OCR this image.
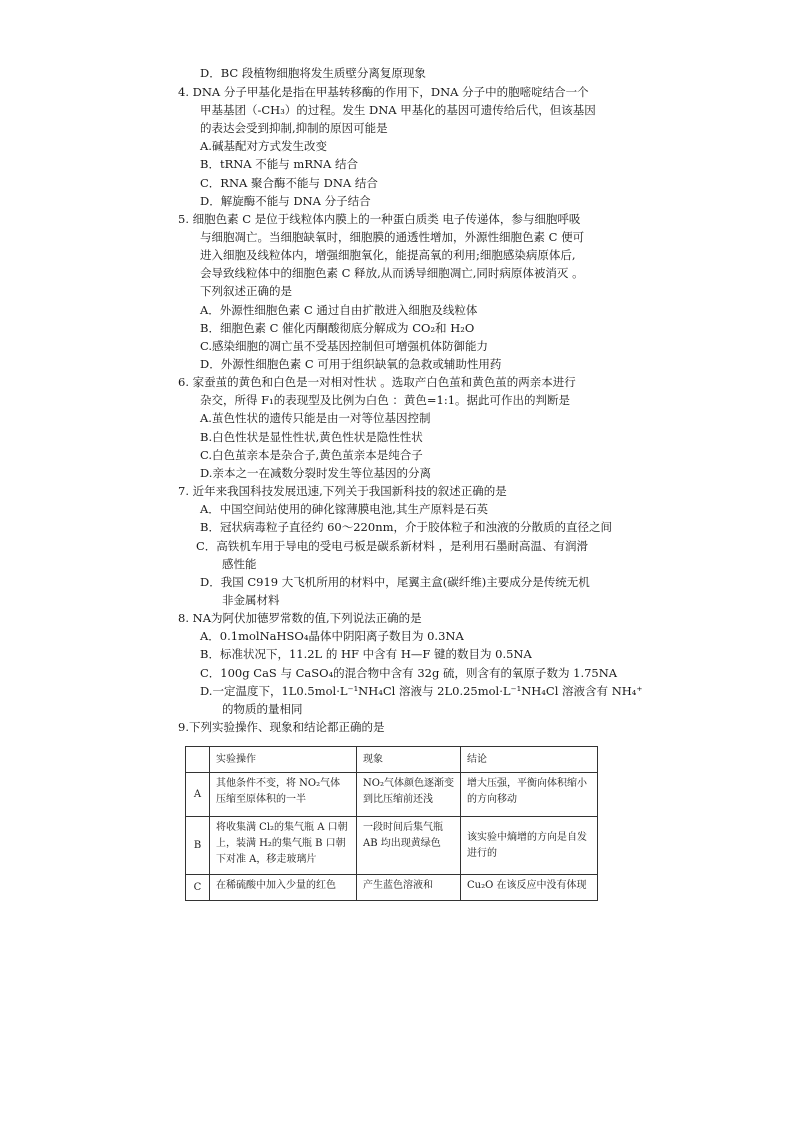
D．BC 段植物细胞将发生质壁分离复原现象
4. DNA 分子甲基化是指在甲基转移酶的作用下，DNA 分子中的胞嘧啶结合一个
甲基基团（-CH₃）的过程。发生 DNA 甲基化的基因可遗传给后代，但该基因
的表达会受到抑制,抑制的原因可能是
A.碱基配对方式发生改变
B．tRNA 不能与 mRNA 结合
C．RNA 聚合酶不能与 DNA 结合
D．解旋酶不能与 DNA 分子结合
5. 细胞色素 C 是位于线粒体内膜上的一种蛋白质类 电子传递体，参与细胞呼吸
与细胞凋亡。当细胞缺氧时，细胞膜的通透性增加，外源性细胞色素 C 便可
进入细胞及线粒体内，增强细胞氧化，能提高氧的利用;细胞感染病原体后,
会导致线粒体中的细胞色素 C 释放,从而诱导细胞凋亡,同时病原体被消灭 。
下列叙述正确的是
A．外源性细胞色素 C 通过自由扩散进入细胞及线粒体
B．细胞色素 C 催化丙酮酸彻底分解成为 CO₂和 H₂O
C.感染细胞的凋亡虽不受基因控制但可增强机体防御能力
D．外源性细胞色素 C 可用于组织缺氧的急救或辅助性用药
6. 家蚕茧的黄色和白色是一对相对性状 。选取产白色茧和黄色茧的两亲本进行
杂交，所得 F₁的表现型及比例为白色 ：黄色=1:1。据此可作出的判断是
A.茧色性状的遗传只能是由一对等位基因控制
B.白色性状是显性性状,黄色性状是隐性性状
C.白色茧亲本是杂合子,黄色茧亲本是纯合子
D.亲本之一在减数分裂时发生等位基因的分离
7. 近年来我国科技发展迅速,下列关于我国新科技的叙述正确的是
A．中国空间站使用的砷化镓薄膜电池,其生产原料是石英
B．冠状病毒粒子直径约 60～220nm，介于胶体粒子和浊液的分散质的直径之间
C．高铁机车用于导电的受电弓板是碳系新材料 ，是利用石墨耐高温、有润滑
感性能
D．我国 C919 大飞机所用的材料中，尾翼主盒(碳纤维)主要成分是传统无机
非金属材料
8. NA为阿伏加德罗常数的值,下列说法正确的是
A．0.1molNaHSO₄晶体中阴阳离子数目为 0.3NA
B．标准状况下，11.2L 的 HF 中含有 H—F 键的数目为 0.5NA
C．100g CaS 与 CaSO₄的混合物中含有 32g 硫，则含有的氧原子数为 1.75NA
D.一定温度下，1L0.5mol·L⁻¹NH₄Cl 溶液与 2L0.25mol·L⁻¹NH₄Cl 溶液含有 NH₄⁺
的物质的量相同
9.下列实验操作、现象和结论都正确的是
	实验操作	现象	结论
A	其他条件不变，将 NO₂气体压缩至原体积的一半	NO₂气体颜色逐渐变到比压缩前还浅	增大压强，平衡向体积缩小的方向移动
B	将收集满 Cl₂的集气瓶 A 口朝上，装满 H₂的集气瓶 B 口朝下对准 A，移走玻璃片	一段时间后集气瓶 AB 均出现黄绿色	该实验中熵增的方向是自发进行的
C	在稀硫酸中加入少量的红色	产生蓝色溶液和	Cu₂O 在该反应中没有体现
